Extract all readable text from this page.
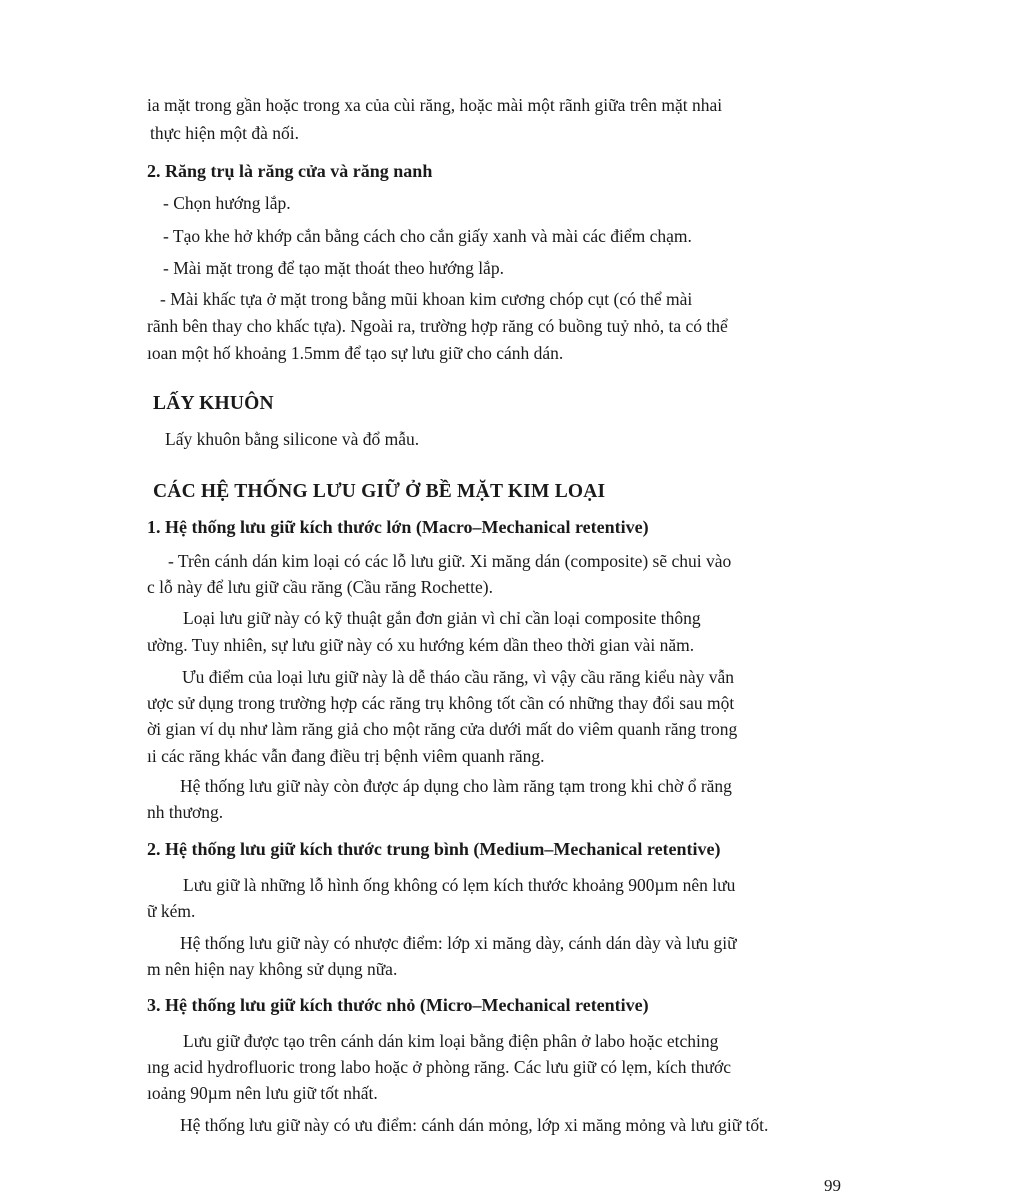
ia mặt trong gần hoặc trong xa của cùi răng, hoặc mài một rãnh giữa trên mặt nhai
thực hiện một đà nối.
2. Răng trụ là răng cửa và răng nanh
- Chọn hướng lắp.
- Tạo khe hở khớp cắn bằng cách cho cắn giấy xanh và mài các điểm chạm.
- Mài mặt trong để tạo mặt thoát theo hướng lắp.
- Mài khấc tựa ở mặt trong bằng mũi khoan kim cương chóp cụt (có thể mài
rãnh bên thay cho khấc tựa). Ngoài ra, trường hợp răng có buồng tuỷ nhỏ, ta có thể
ıoan một hố khoảng 1.5mm để tạo sự lưu giữ cho cánh dán.
LẤY KHUÔN
Lấy khuôn bằng silicone và đổ mẫu.
CÁC HỆ THỐNG LƯU GIỮ Ở BỀ MẶT KIM LOẠI
1. Hệ thống lưu giữ kích thước lớn (Macro–Mechanical retentive)
- Trên cánh dán kim loại có các lỗ lưu giữ. Xi măng dán (composite) sẽ chui vào
c lỗ này để lưu giữ cầu răng (Cầu răng Rochette).
Loại lưu giữ này có kỹ thuật gắn đơn giản vì chỉ cần loại composite thông
ường. Tuy nhiên, sự lưu giữ này có xu hướng kém dần theo thời gian vài năm.
Ưu điểm của loại lưu giữ này là dễ tháo cầu răng, vì vậy cầu răng kiểu này vẫn
ược sử dụng trong trường hợp các răng trụ không tốt cần có những thay đổi sau một
ời gian ví dụ như làm răng giả cho một răng cửa dưới mất do viêm quanh răng trong
ıi các răng khác vẫn đang điều trị bệnh viêm quanh răng.
Hệ thống lưu giữ này còn được áp dụng cho làm răng tạm trong khi chờ ổ răng
nh thương.
2. Hệ thống lưu giữ kích thước trung bình (Medium–Mechanical retentive)
Lưu giữ là những lỗ hình ống không có lẹm kích thước khoảng 900µm nên lưu
ữ kém.
Hệ thống lưu giữ này có nhược điểm: lớp xi măng dày, cánh dán dày và lưu giữ
m nên hiện nay không sử dụng nữa.
3. Hệ thống lưu giữ kích thước nhỏ (Micro–Mechanical retentive)
Lưu giữ được tạo trên cánh dán kim loại bằng điện phân ở labo hoặc etching
ıng acid hydrofluoric trong labo hoặc ở phòng răng. Các lưu giữ có lẹm, kích thước
ıoảng 90µm nên lưu giữ tốt nhất.
Hệ thống lưu giữ này có ưu điểm: cánh dán mỏng, lớp xi măng mỏng và lưu giữ tốt.
99
